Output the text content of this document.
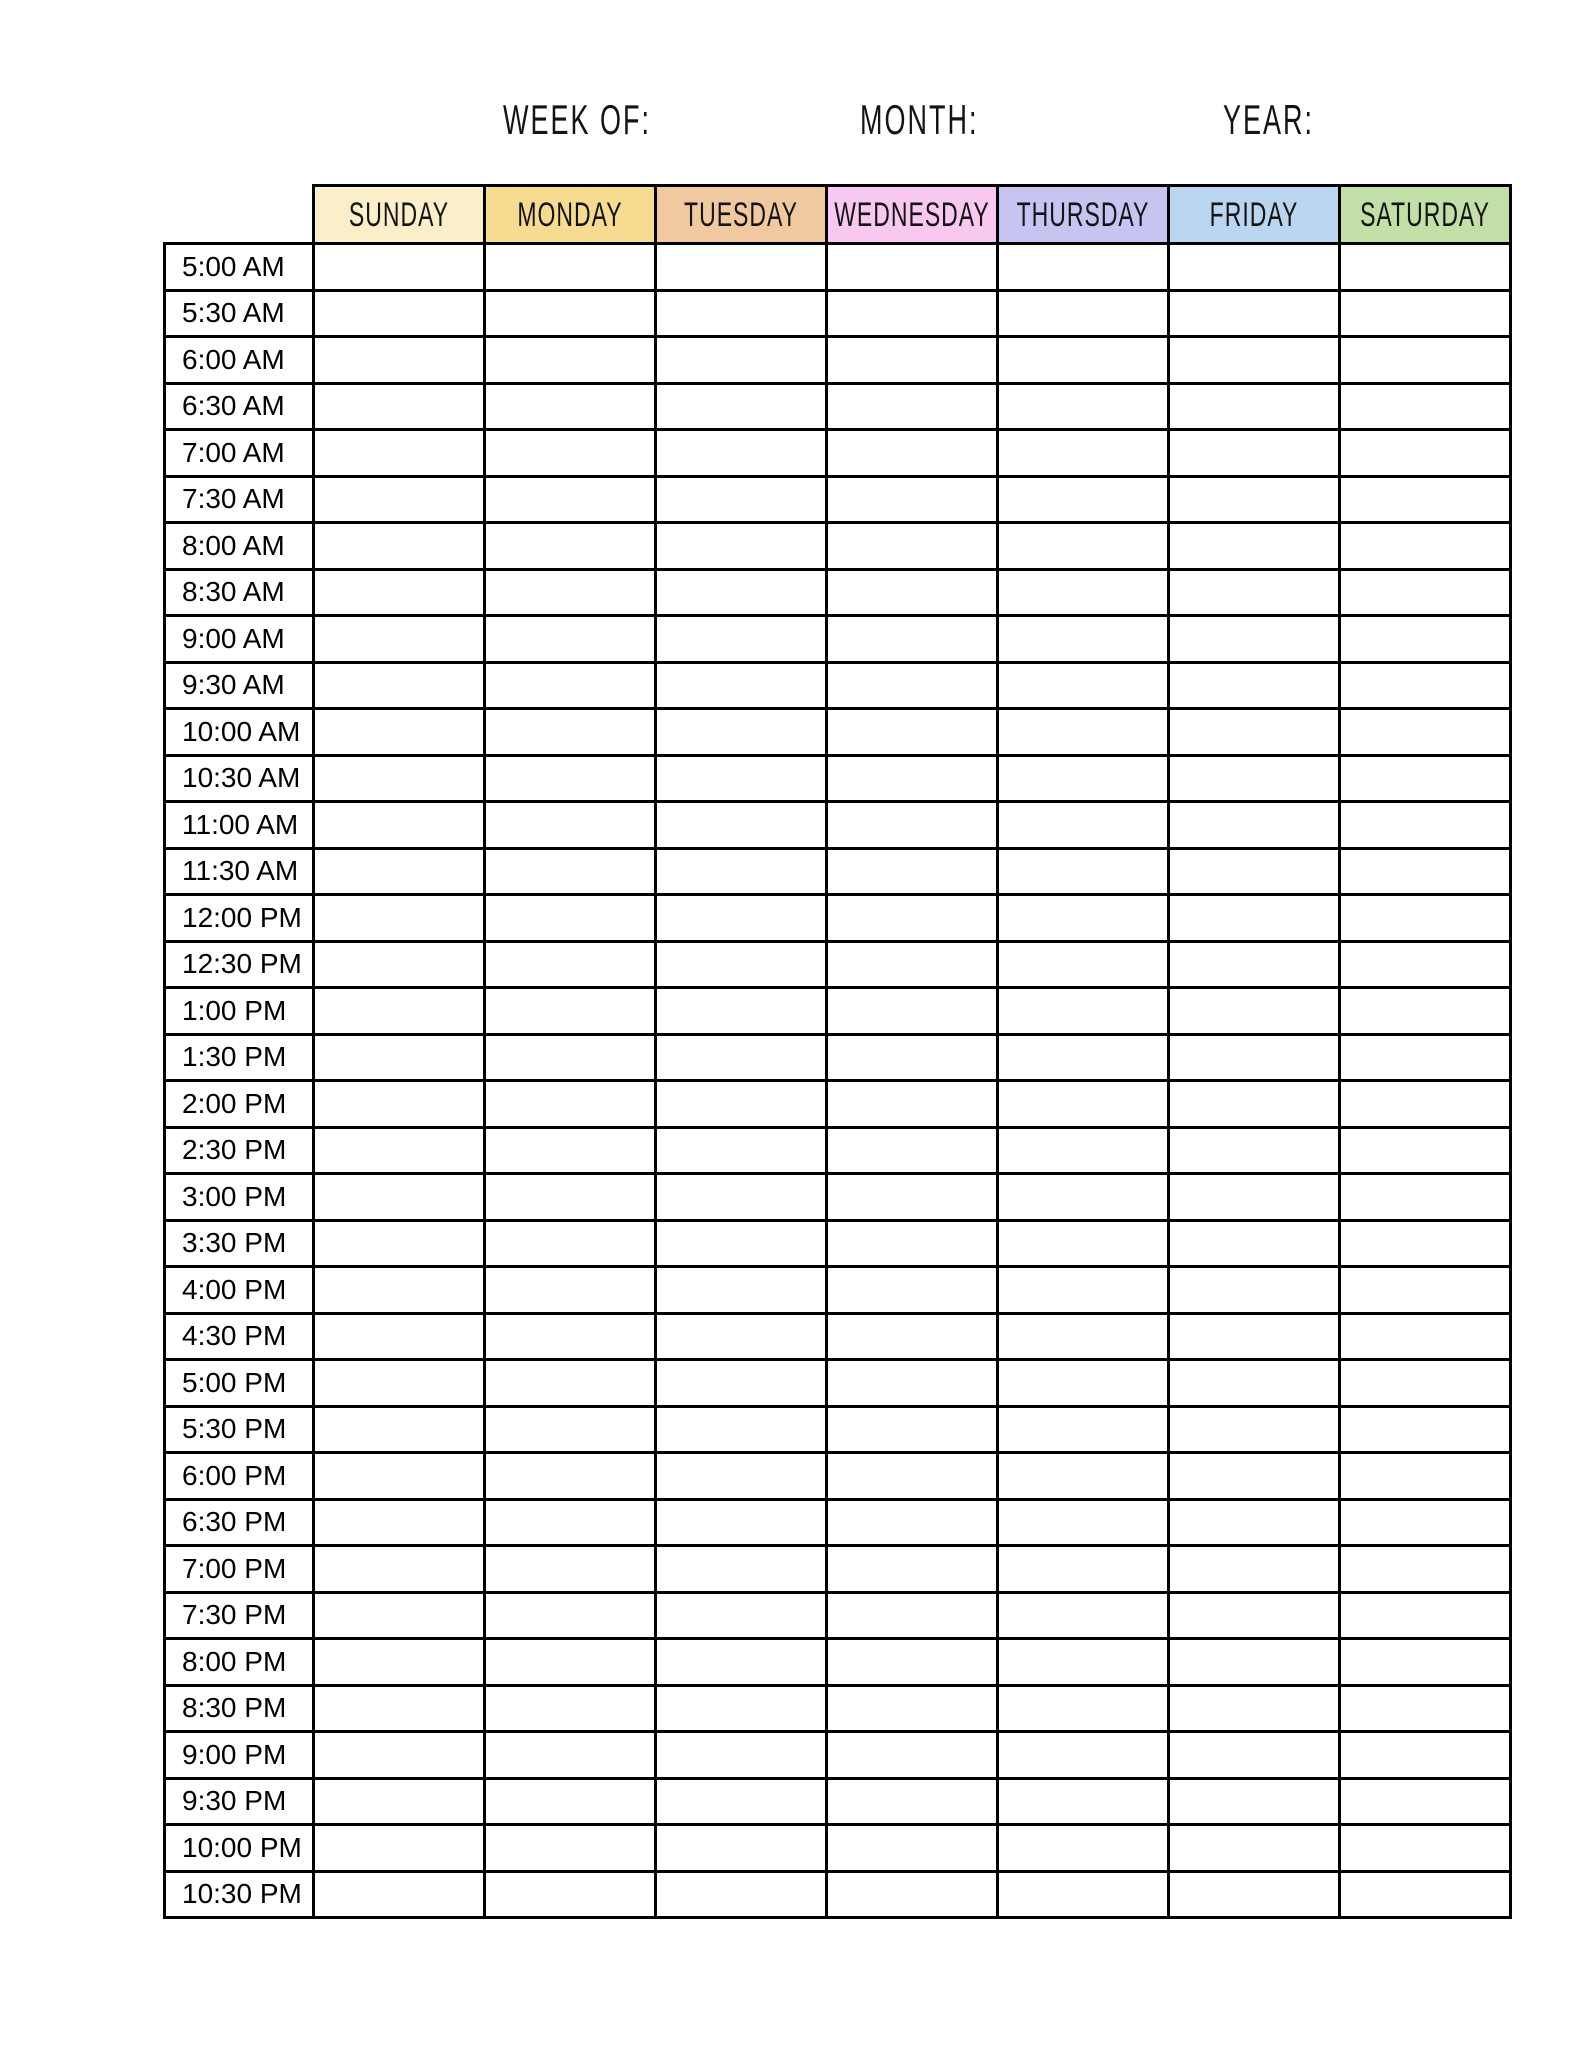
WEEK OF:	MONTH:	YEAR:
	SUNDAY	MONDAY	TUESDAY	WEDNESDAY	THURSDAY	FRIDAY	SATURDAY
5:00 AM							
5:30 AM							
6:00 AM							
6:30 AM							
7:00 AM							
7:30 AM							
8:00 AM							
8:30 AM							
9:00 AM							
9:30 AM							
10:00 AM							
10:30 AM							
11:00 AM							
11:30 AM							
12:00 PM							
12:30 PM							
1:00 PM							
1:30 PM							
2:00 PM							
2:30 PM							
3:00 PM							
3:30 PM							
4:00 PM							
4:30 PM							
5:00 PM							
5:30 PM							
6:00 PM							
6:30 PM							
7:00 PM							
7:30 PM							
8:00 PM							
8:30 PM							
9:00 PM							
9:30 PM							
10:00 PM							
10:30 PM							
